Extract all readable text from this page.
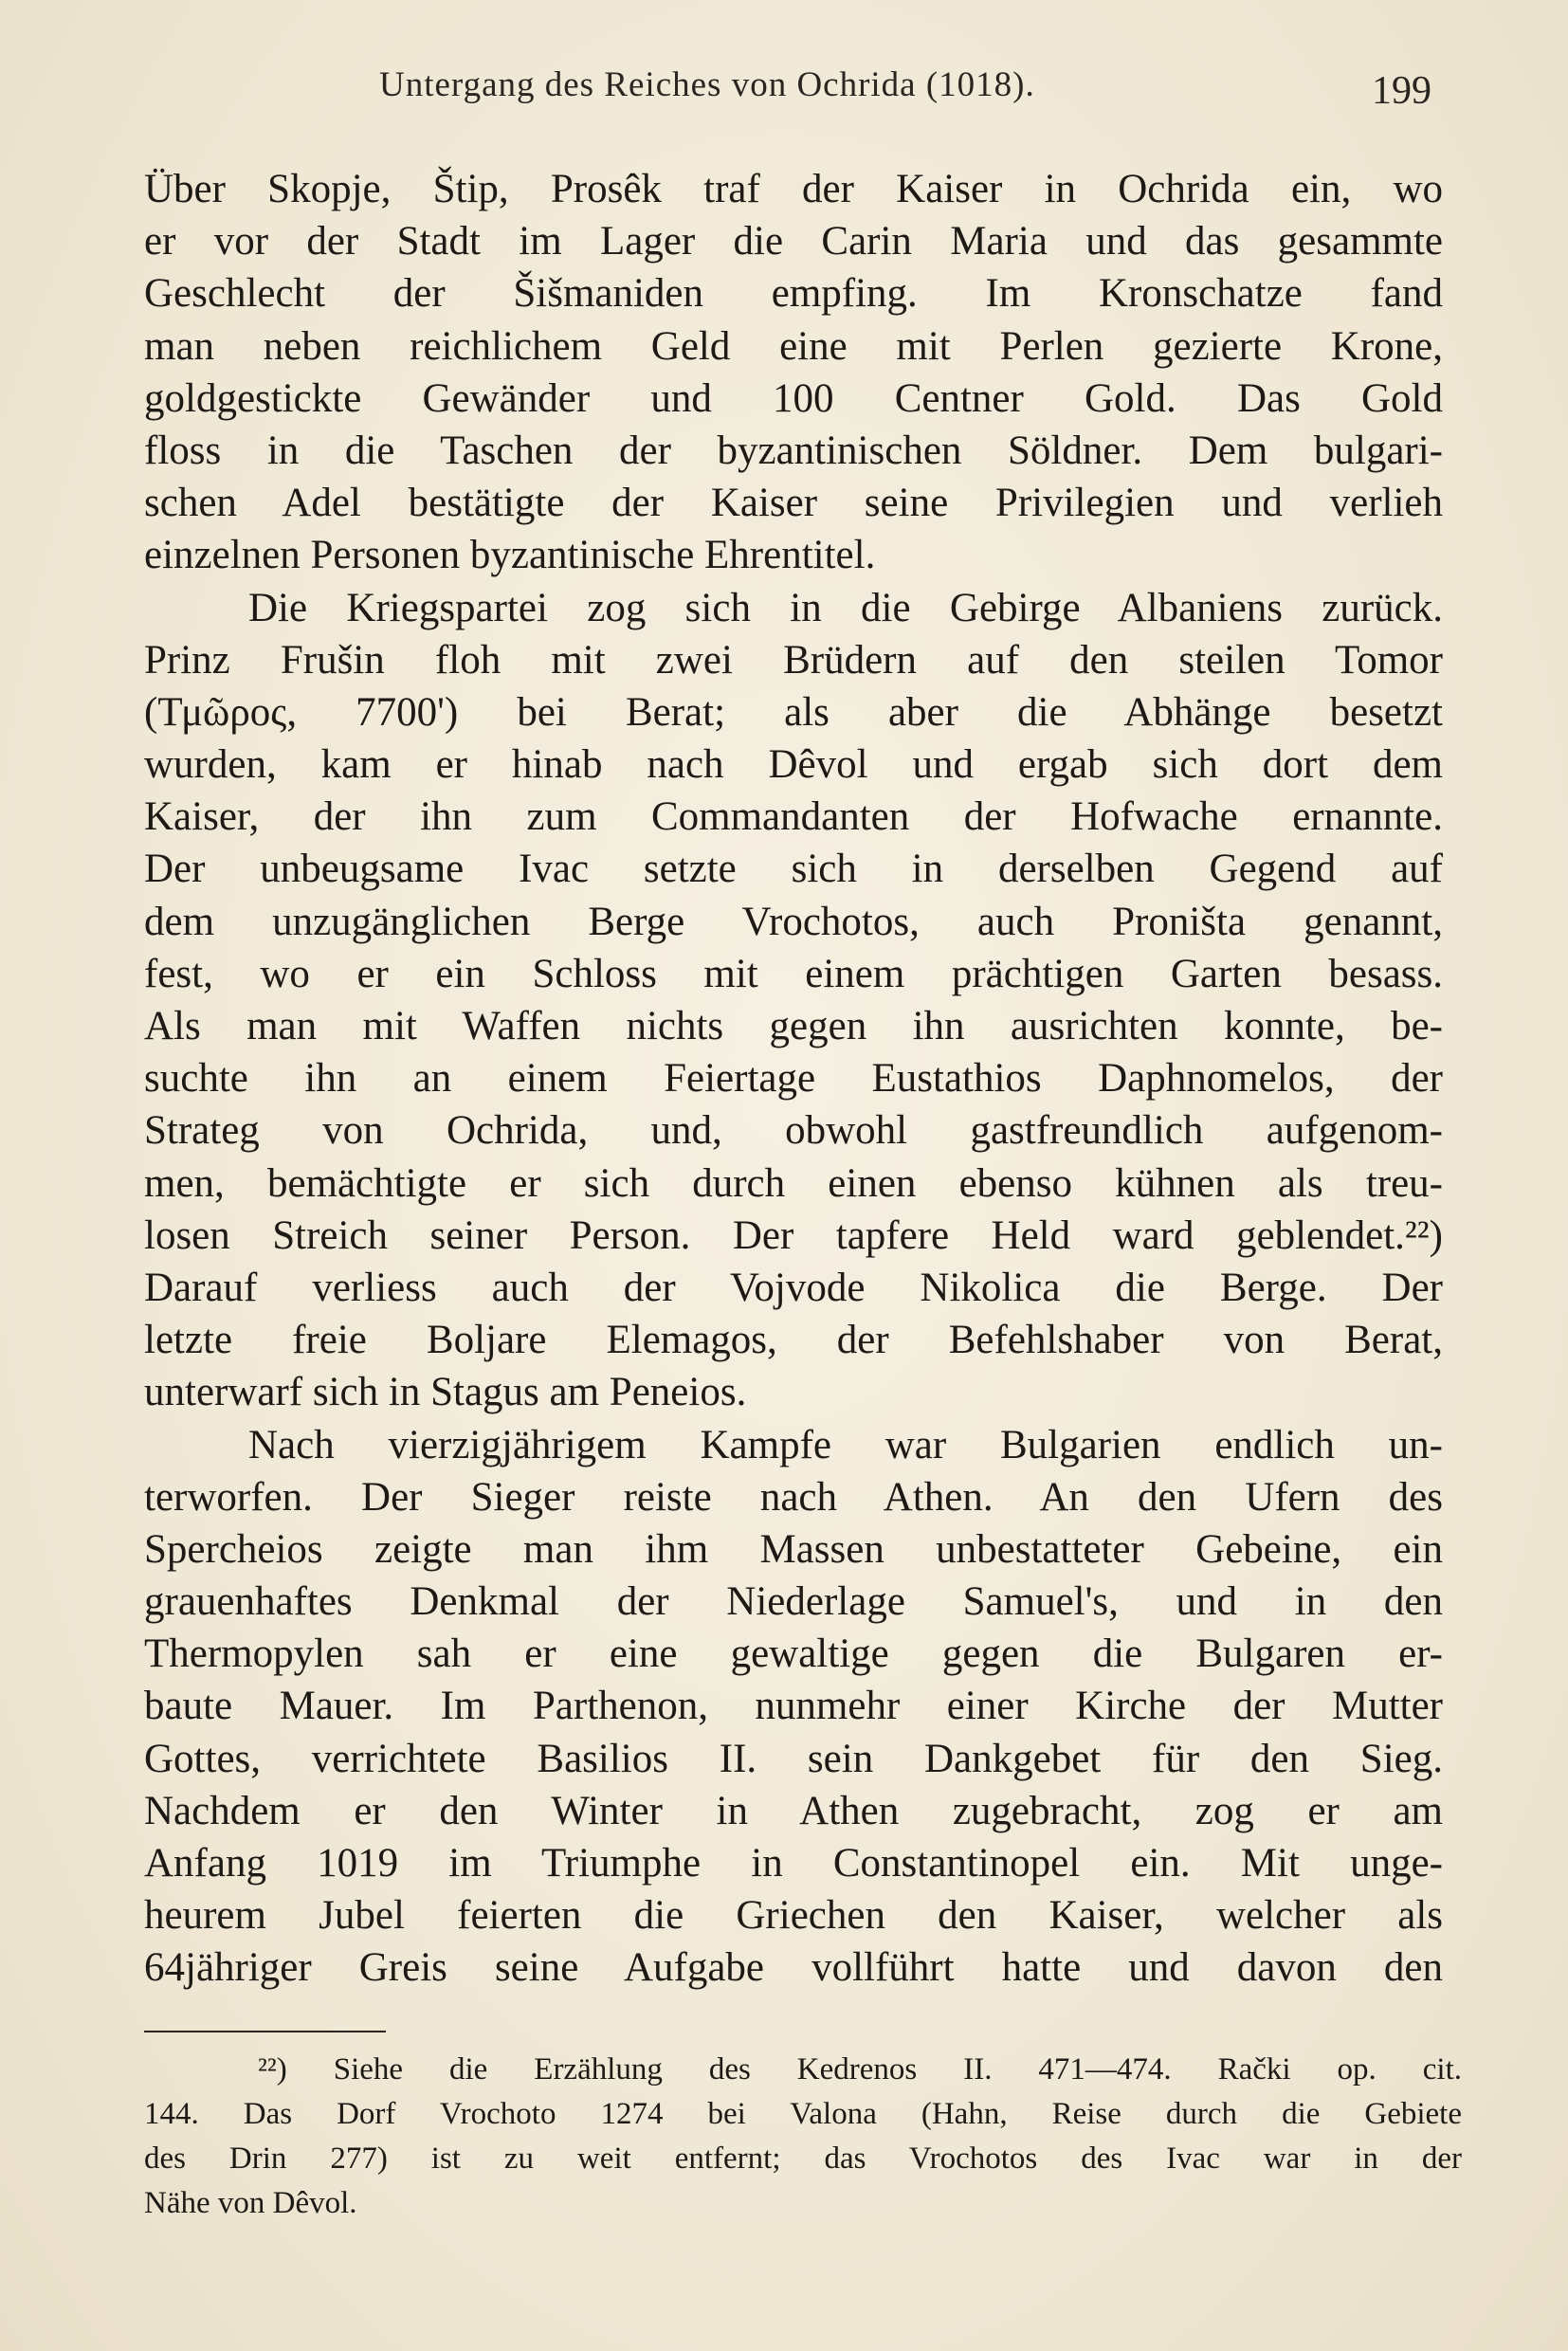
Untergang des Reiches von Ochrida (1018).	199
Über Skopje, Štip, Prosêk traf der Kaiser in Ochrida ein, wo
er vor der Stadt im Lager die Carin Maria und das gesammte
Geschlecht der Šišmaniden empfing. Im Kronschatze fand
man neben reichlichem Geld eine mit Perlen gezierte Krone,
goldgestickte Gewänder und 100 Centner Gold. Das Gold
floss in die Taschen der byzantinischen Söldner. Dem bulgari-
schen Adel bestätigte der Kaiser seine Privilegien und verlieh
einzelnen Personen byzantinische Ehrentitel.
Die Kriegspartei zog sich in die Gebirge Albaniens zurück.
Prinz Frušin floh mit zwei Brüdern auf den steilen Tomor
(Τμῶρος, 7700') bei Berat; als aber die Abhänge besetzt
wurden, kam er hinab nach Dêvol und ergab sich dort dem
Kaiser, der ihn zum Commandanten der Hofwache ernannte.
Der unbeugsame Ivac setzte sich in derselben Gegend auf
dem unzugänglichen Berge Vrochotos, auch Proništa genannt,
fest, wo er ein Schloss mit einem prächtigen Garten besass.
Als man mit Waffen nichts gegen ihn ausrichten konnte, be-
suchte ihn an einem Feiertage Eustathios Daphnomelos, der
Strateg von Ochrida, und, obwohl gastfreundlich aufgenom-
men, bemächtigte er sich durch einen ebenso kühnen als treu-
losen Streich seiner Person. Der tapfere Held ward geblendet.²²)
Darauf verliess auch der Vojvode Nikolica die Berge. Der
letzte freie Boljare Elemagos, der Befehlshaber von Berat,
unterwarf sich in Stagus am Peneios.
Nach vierzigjährigem Kampfe war Bulgarien endlich un-
terworfen. Der Sieger reiste nach Athen. An den Ufern des
Spercheios zeigte man ihm Massen unbestatteter Gebeine, ein
grauenhaftes Denkmal der Niederlage Samuel's, und in den
Thermopylen sah er eine gewaltige gegen die Bulgaren er-
baute Mauer. Im Parthenon, nunmehr einer Kirche der Mutter
Gottes, verrichtete Basilios II. sein Dankgebet für den Sieg.
Nachdem er den Winter in Athen zugebracht, zog er am
Anfang 1019 im Triumphe in Constantinopel ein. Mit unge-
heurem Jubel feierten die Griechen den Kaiser, welcher als
64jähriger Greis seine Aufgabe vollführt hatte und davon den
²²) Siehe die Erzählung des Kedrenos II. 471—474. Rački op. cit.
144. Das Dorf Vrochoto 1274 bei Valona (Hahn, Reise durch die Gebiete
des Drin 277) ist zu weit entfernt; das Vrochotos des Ivac war in der
Nähe von Dêvol.
